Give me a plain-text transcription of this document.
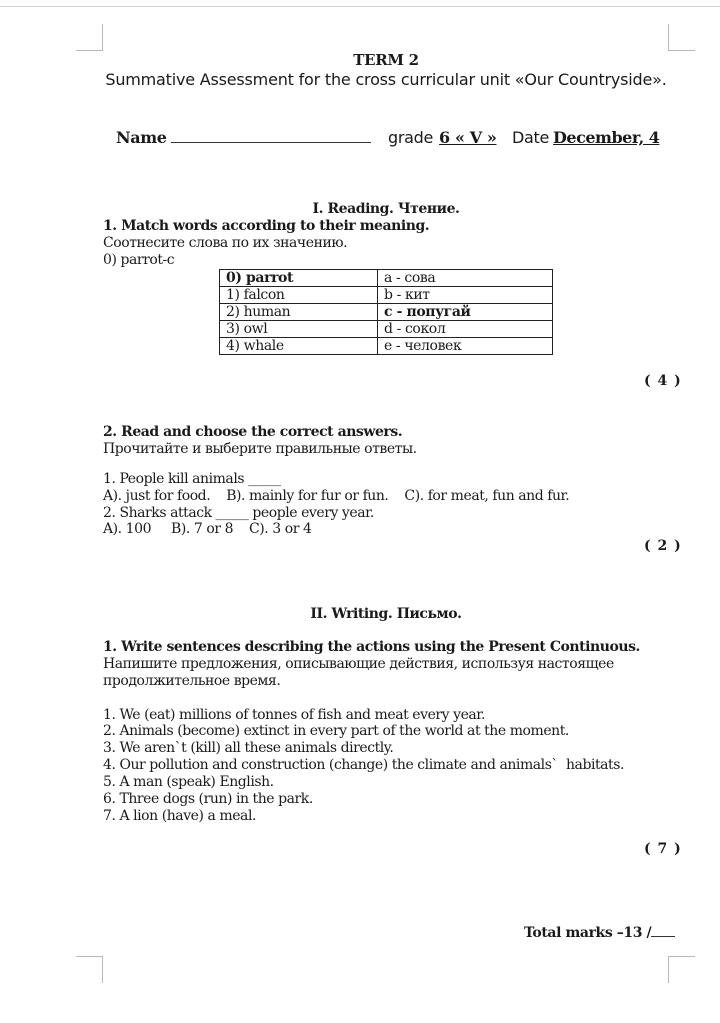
TERM 2
Summative Assessment for the cross curricular unit «Our Countryside».
Name	grade 6 « V » Date December, 4
I. Reading. Чтение.
1. Match words according to their meaning.
Соотнесите слова по их значению.
0) parrot-c
0) parrot	a - сова
1) falcon	b - кит
2) human	c - попугай
3) owl	d - сокол
4) whale	e - человек
( 4 )
2. Read and choose the correct answers.
Прочитайте и выберите правильные ответы.
1. People kill animals _____
A). just for food.    B). mainly for fur or fun.    C). for meat, fun and fur.
2. Sharks attack _____ people every year.
A). 100     B). 7 or 8    C). 3 or 4
( 2 )
II. Writing. Письмо.
1. Write sentences describing the actions using the Present Continuous.
Напишите предложения, описывающие действия, используя настоящее
продолжительное время.
1. We (eat) millions of tonnes of fish and meat every year.
2. Animals (become) extinct in every part of the world at the moment.
3. We aren`t (kill) all these animals directly.
4. Our pollution and construction (change) the climate and animals`  habitats.
5. A man (speak) English.
6. Three dogs (run) in the park.
7. A lion (have) a meal.
( 7 )
Total marks –13 /
